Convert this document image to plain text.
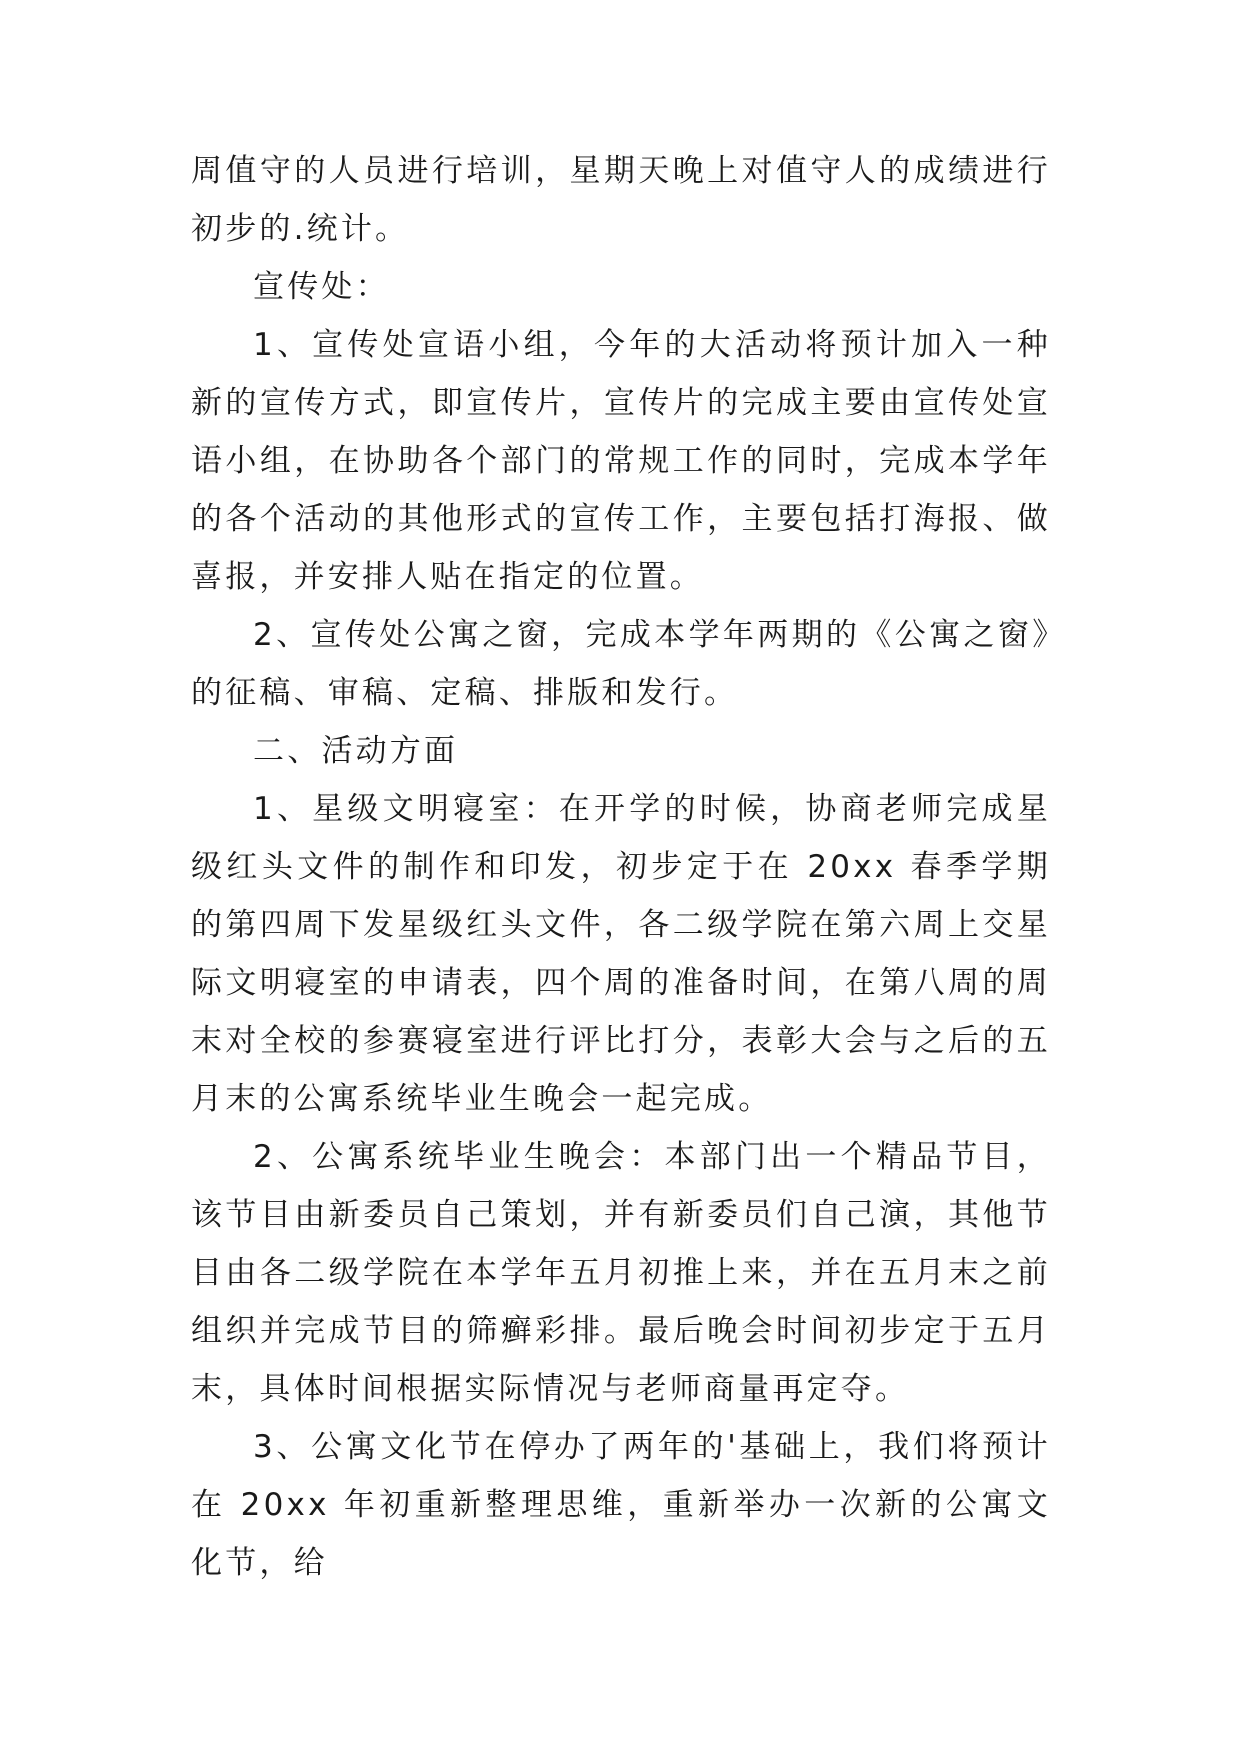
周值守的人员进行培训，星期天晚上对值守人的成绩进行初步的.统计。

宣传处：

1、宣传处宣语小组，今年的大活动将预计加入一种新的宣传方式，即宣传片，宣传片的完成主要由宣传处宣语小组，在协助各个部门的常规工作的同时，完成本学年的各个活动的其他形式的宣传工作，主要包括打海报、做喜报，并安排人贴在指定的位置。

2、宣传处公寓之窗，完成本学年两期的《公寓之窗》的征稿、审稿、定稿、排版和发行。

二、活动方面

1、星级文明寝室：在开学的时候，协商老师完成星级红头文件的制作和印发，初步定于在 20xx 春季学期的第四周下发星级红头文件，各二级学院在第六周上交星际文明寝室的申请表，四个周的准备时间，在第八周的周末对全校的参赛寝室进行评比打分，表彰大会与之后的五月末的公寓系统毕业生晚会一起完成。

2、公寓系统毕业生晚会：本部门出一个精品节目，该节目由新委员自己策划，并有新委员们自己演，其他节目由各二级学院在本学年五月初推上来，并在五月末之前组织并完成节目的筛癣彩排。最后晚会时间初步定于五月末，具体时间根据实际情况与老师商量再定夺。

3、公寓文化节在停办了两年的'基础上，我们将预计在 20xx 年初重新整理思维，重新举办一次新的公寓文化节，给
